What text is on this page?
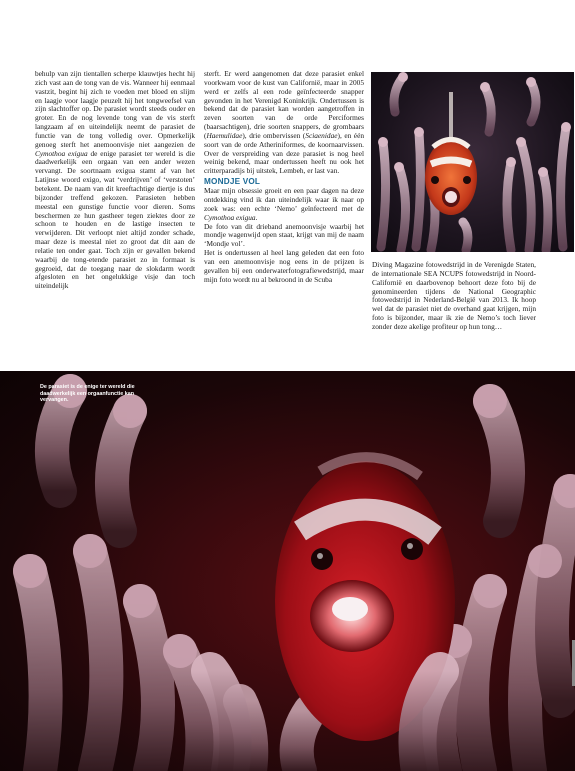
behulp van zijn tientallen scherpe klauwtjes hecht hij zich vast aan de tong van de vis. Wanneer hij eenmaal vastzit, begint hij zich te voeden met bloed en slijm en laagje voor laagje peuzelt hij het tongweefsel van zijn slachtoffer op. De parasiet wordt steeds ouder en groter. En de nog levende tong van de vis sterft langzaam af en uiteindelijk neemt de parasiet de functie van de tong volledig over. Opmerkelijk genoeg sterft het anemoonvisje niet aangezien de Cymothoa exigua de enige parasiet ter wereld is die daadwerkelijk een orgaan van een ander wezen vervangt. De soortnaam exigua stamt af van het Latijnse woord exigo, wat ‘verdrijven’ of ‘verstoten’ betekent. De naam van dit kreeftachtige diertje is dus bijzonder treffend gekozen. Parasieten hebben meestal een gunstige functie voor dieren. Soms beschermen ze hun gastheer tegen ziektes door ze schoon te houden en de lastige insecten te verwijderen. Dit verloopt niet altijd zonder schade, maar deze is meestal niet zo groot dat dit aan de relatie ten onder gaat. Toch zijn er gevallen bekend waarbij de tong-etende parasiet zo in formaat is gegroeid, dat de toegang naar de slokdarm wordt afgesloten en het ongelukkige visje dan toch uiteindelijk

sterft. Er werd aangenomen dat deze parasiet enkel voorkwam voor de kust van Californië, maar in 2005 werd er zelfs al een rode geïnfecteerde snapper gevonden in het Verenigd Koninkrijk. Ondertussen is bekend dat de parasiet kan worden aangetroffen in zeven soorten van de orde Perciformes (baarsachtigen), drie soorten snappers, de grombaars (Haemulidae), drie ombervissen (Sciaenidae), en één soort van de orde Atheriniformes, de koornaarvissen. Over de verspreiding van deze parasiet is nog heel weinig bekend, maar ondertussen heeft nu ook het critterparadijs bij uitstek, Lembeh, er last van.

MONDJE VOL

Maar mijn obsessie groeit en een paar dagen na deze ontdekking vind ik dan uiteindelijk waar ik naar op zoek was: een echte ‘Nemo’ geïnfecteerd met de Cymothoa exigua.
De foto van dit drieband anemoonvisje waarbij het mondje wagenwijd open staat, krijgt van mij de naam ‘Mondje vol’.
Het is ondertussen al heel lang geleden dat een foto van een anemoonvisje nog eens in de prijzen is gevallen bij een onderwaterfotografiewedstrijd, maar mijn foto wordt nu al bekroond in de Scuba

Diving Magazine fotowedstrijd in de Verenigde Staten, de internationale SEA NCUPS fotowedstrijd in Noord-Californië en daarbovenop behoort deze foto bij de genomineerden tijdens de National Geographic fotowedstrijd in Nederland-België van 2013. Ik hoop wel dat de parasiet niet de overhand gaat krijgen, mijn foto is bijzonder, maar ik zie de Nemo’s toch liever zonder deze akelige profiteur op hun tong…

De parasiet is de enige ter wereld die daadwerkelijk een orgaanfunctie kan vervangen.
